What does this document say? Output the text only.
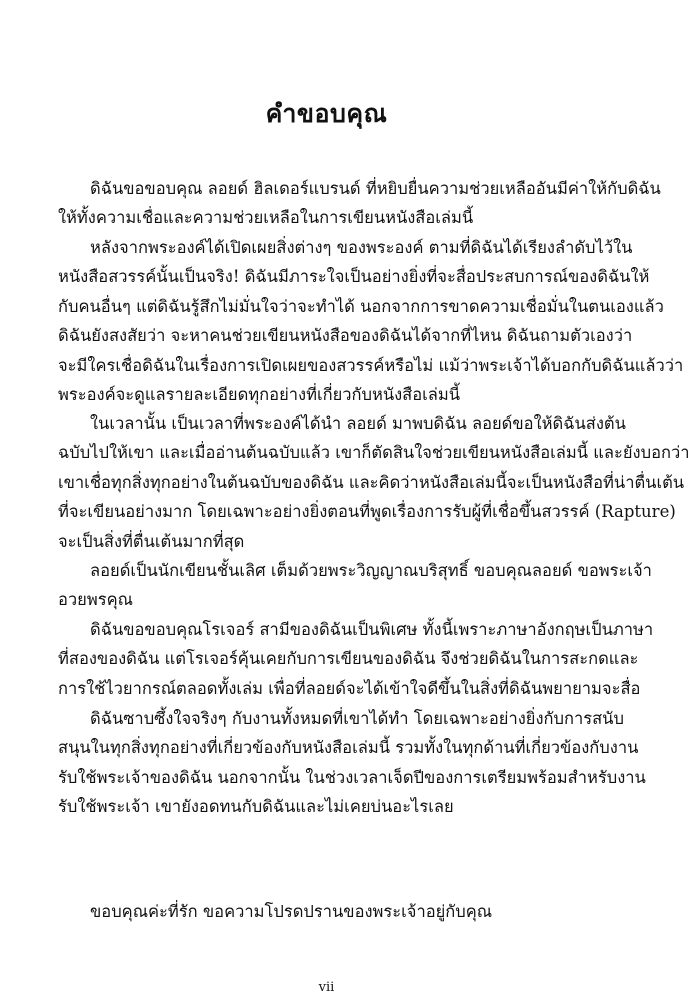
คำขอบคุณ
ดิฉันขอขอบคุณ ลอยด์ ฮิลเดอร์แบรนด์ ที่หยิบยื่นความช่วยเหลืออันมีค่าให้กับดิฉัน
ให้ทั้งความเชื่อและความช่วยเหลือในการเขียนหนังสือเล่มนี้
หลังจากพระองค์ได้เปิดเผยสิ่งต่างๆ ของพระองค์ ตามที่ดิฉันได้เรียงลำดับไว้ใน
หนังสือสวรรค์นั้นเป็นจริง! ดิฉันมีภาระใจเป็นอย่างยิ่งที่จะสื่อประสบการณ์ของดิฉันให้
กับคนอื่นๆ แต่ดิฉันรู้สึกไม่มั่นใจว่าจะทำได้ นอกจากการขาดความเชื่อมั่นในตนเองแล้ว
ดิฉันยังสงสัยว่า จะหาคนช่วยเขียนหนังสือของดิฉันได้จากที่ไหน ดิฉันถามตัวเองว่า
จะมีใครเชื่อดิฉันในเรื่องการเปิดเผยของสวรรค์หรือไม่ แม้ว่าพระเจ้าได้บอกกับดิฉันแล้วว่า
พระองค์จะดูแลรายละเอียดทุกอย่างที่เกี่ยวกับหนังสือเล่มนี้
ในเวลานั้น เป็นเวลาที่พระองค์ได้นำ ลอยด์ มาพบดิฉัน ลอยด์ขอให้ดิฉันส่งต้น
ฉบับไปให้เขา และเมื่ออ่านต้นฉบับแล้ว เขาก็ตัดสินใจช่วยเขียนหนังสือเล่มนี้ และยังบอกว่า
เขาเชื่อทุกสิ่งทุกอย่างในต้นฉบับของดิฉัน และคิดว่าหนังสือเล่มนี้จะเป็นหนังสือที่น่าตื่นเต้น
ที่จะเขียนอย่างมาก โดยเฉพาะอย่างยิ่งตอนที่พูดเรื่องการรับผู้ที่เชื่อขึ้นสวรรค์ (Rapture)
จะเป็นสิ่งที่ตื่นเต้นมากที่สุด
ลอยด์เป็นนักเขียนชั้นเลิศ เต็มด้วยพระวิญญาณบริสุทธิ์ ขอบคุณลอยด์ ขอพระเจ้า
อวยพรคุณ
ดิฉันขอขอบคุณโรเจอร์ สามีของดิฉันเป็นพิเศษ ทั้งนี้เพราะภาษาอังกฤษเป็นภาษา
ที่สองของดิฉัน แต่โรเจอร์คุ้นเคยกับการเขียนของดิฉัน จึงช่วยดิฉันในการสะกดและ
การใช้ไวยากรณ์ตลอดทั้งเล่ม เพื่อที่ลอยด์จะได้เข้าใจดีขึ้นในสิ่งที่ดิฉันพยายามจะสื่อ
ดิฉันซาบซึ้งใจจริงๆ กับงานทั้งหมดที่เขาได้ทำ โดยเฉพาะอย่างยิ่งกับการสนับ
สนุนในทุกสิ่งทุกอย่างที่เกี่ยวข้องกับหนังสือเล่มนี้ รวมทั้งในทุกด้านที่เกี่ยวข้องกับงาน
รับใช้พระเจ้าของดิฉัน นอกจากนั้น ในช่วงเวลาเจ็ดปีของการเตรียมพร้อมสำหรับงาน
รับใช้พระเจ้า เขายังอดทนกับดิฉันและไม่เคยบ่นอะไรเลย
ขอบคุณค่ะที่รัก ขอความโปรดปรานของพระเจ้าอยู่กับคุณ
vii
